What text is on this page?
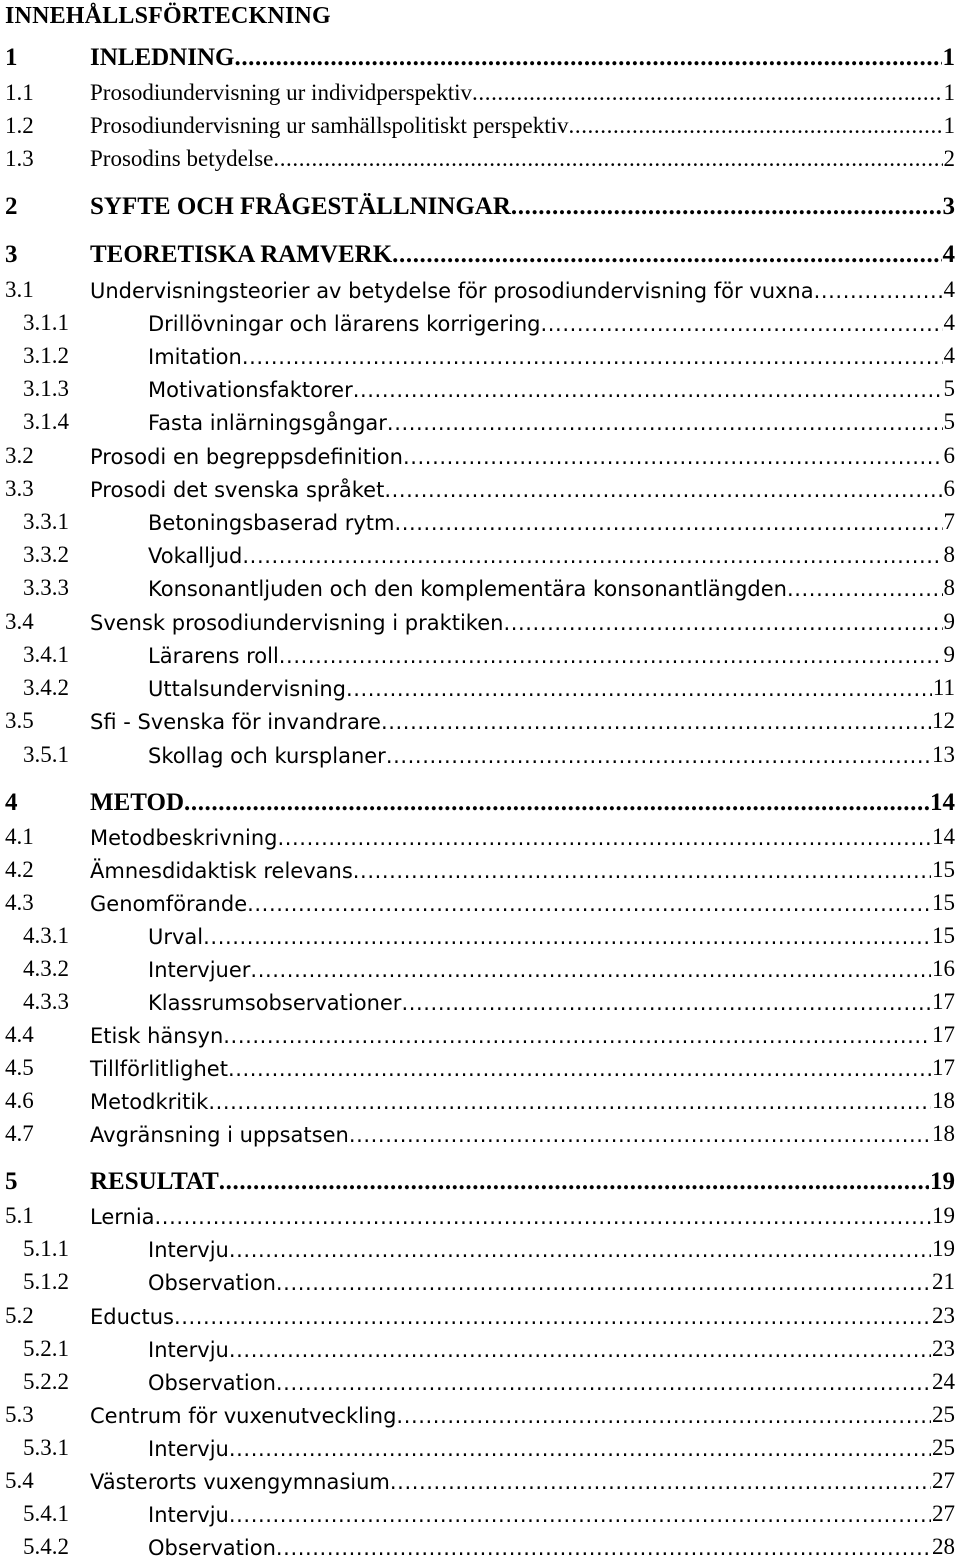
INNEHÅLLSFÖRTECKNING
1	INLEDNING .....	1
1.1	Prosodiundervisning ur individperspektiv .....	1
1.2	Prosodiundervisning ur samhällspolitiskt perspektiv .....	1
1.3	Prosodins betydelse .....	2
2	SYFTE OCH FRÅGESTÄLLNINGAR .....	3
3	TEORETISKA RAMVERK .....	4
3.1	Undervisningsteorier av betydelse för prosodiundervisning för vuxna .....	4
3.1.1	Drillövningar och lärarens korrigering .....	4
3.1.2	Imitation .....	4
3.1.3	Motivationsfaktorer .....	5
3.1.4	Fasta inlärningsgångar .....	5
3.2	Prosodi en begreppsdefinition .....	6
3.3	Prosodi det svenska språket .....	6
3.3.1	Betoningsbaserad rytm .....	7
3.3.2	Vokalljud .....	8
3.3.3	Konsonantljuden och den komplementära konsonantlängden .....	8
3.4	Svensk prosodiundervisning i praktiken .....	9
3.4.1	Lärarens roll .....	9
3.4.2	Uttalsundervisning .....	11
3.5	Sfi - Svenska för invandrare .....	12
3.5.1	Skollag och kursplaner .....	13
4	METOD .....	14
4.1	Metodbeskrivning .....	14
4.2	Ämnesdidaktisk relevans .....	15
4.3	Genomförande .....	15
4.3.1	Urval .....	15
4.3.2	Intervjuer .....	16
4.3.3	Klassrumsobservationer .....	17
4.4	Etisk hänsyn .....	17
4.5	Tillförlitlighet .....	17
4.6	Metodkritik .....	18
4.7	Avgränsning i uppsatsen .....	18
5	RESULTAT .....	19
5.1	Lernia .....	19
5.1.1	Intervju .....	19
5.1.2	Observation .....	21
5.2	Eductus .....	23
5.2.1	Intervju .....	23
5.2.2	Observation .....	24
5.3	Centrum för vuxenutveckling .....	25
5.3.1	Intervju .....	25
5.4	Västerorts vuxengymnasium .....	27
5.4.1	Intervju .....	27
5.4.2	Observation .....	28
